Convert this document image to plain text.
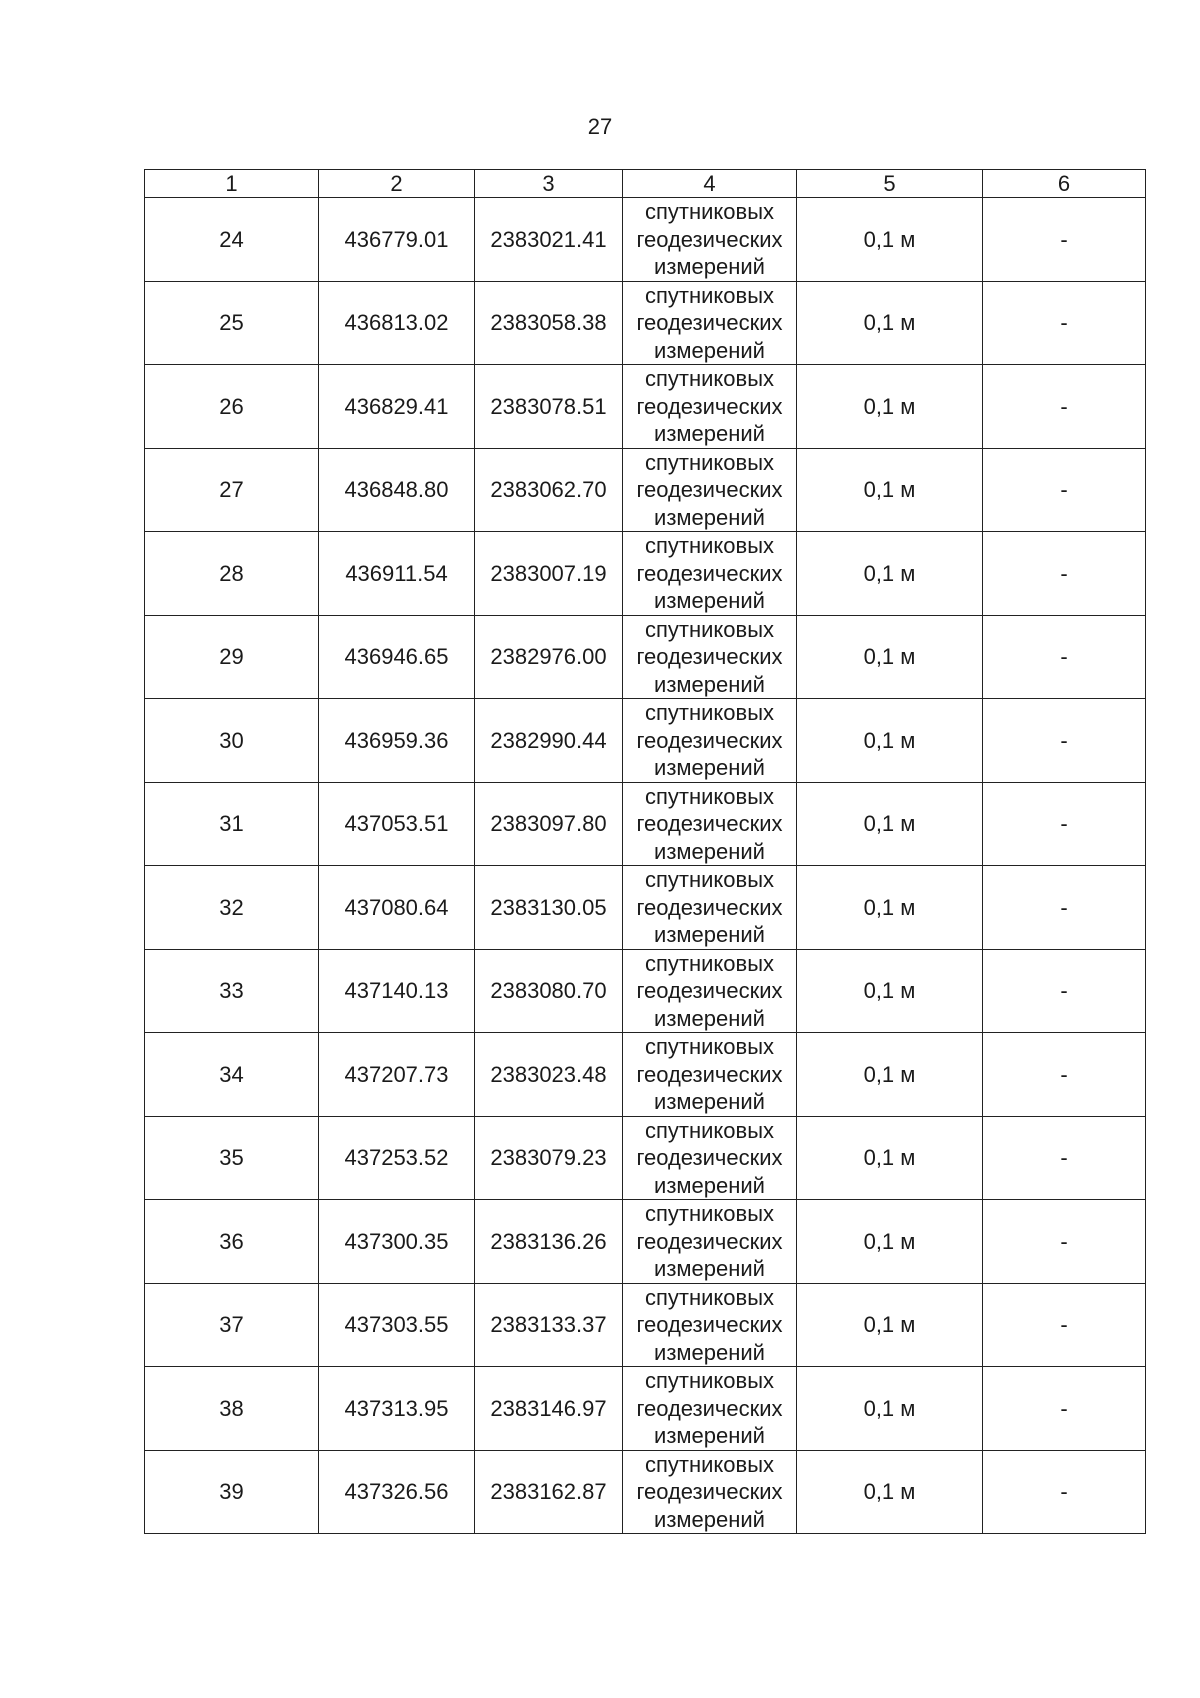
27
1	2	3	4	5	6
24	436779.01	2383021.41	спутниковых геодезических измерений	0,1 м	-
25	436813.02	2383058.38	спутниковых геодезических измерений	0,1 м	-
26	436829.41	2383078.51	спутниковых геодезических измерений	0,1 м	-
27	436848.80	2383062.70	спутниковых геодезических измерений	0,1 м	-
28	436911.54	2383007.19	спутниковых геодезических измерений	0,1 м	-
29	436946.65	2382976.00	спутниковых геодезических измерений	0,1 м	-
30	436959.36	2382990.44	спутниковых геодезических измерений	0,1 м	-
31	437053.51	2383097.80	спутниковых геодезических измерений	0,1 м	-
32	437080.64	2383130.05	спутниковых геодезических измерений	0,1 м	-
33	437140.13	2383080.70	спутниковых геодезических измерений	0,1 м	-
34	437207.73	2383023.48	спутниковых геодезических измерений	0,1 м	-
35	437253.52	2383079.23	спутниковых геодезических измерений	0,1 м	-
36	437300.35	2383136.26	спутниковых геодезических измерений	0,1 м	-
37	437303.55	2383133.37	спутниковых геодезических измерений	0,1 м	-
38	437313.95	2383146.97	спутниковых геодезических измерений	0,1 м	-
39	437326.56	2383162.87	спутниковых геодезических измерений	0,1 м	-
